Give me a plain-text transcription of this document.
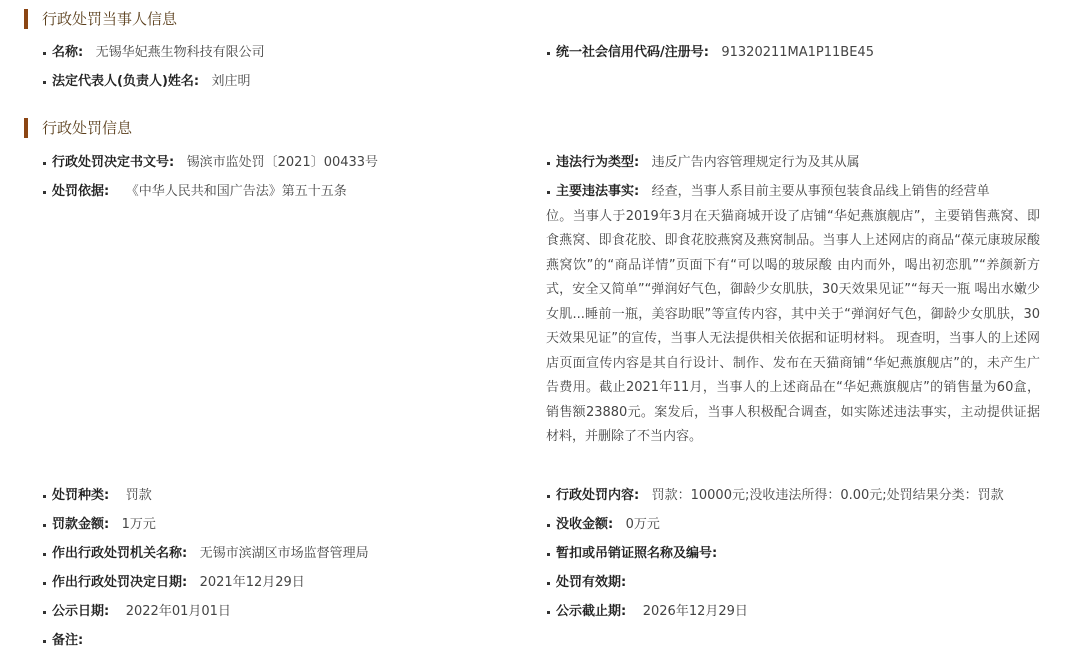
行政处罚当事人信息
名称: 无锡华妃燕生物科技有限公司	统一社会信用代码/注册号: 91320211MA1P11BE45
法定代表人(负责人)姓名: 刘庄明
行政处罚信息
行政处罚决定书文号: 锡滨市监处罚〔2021〕00433号	违法行为类型: 违反广告内容管理规定行为及其从属
处罚依据: 《中华人民共和国广告法》第五十五条	主要违法事实: 经查，当事人系目前主要从事预包装食品线上销售的经营单
位。当事人于2019年3月在天猫商城开设了店铺“华妃燕旗舰店”，主要销售燕窝、即食燕窝、即食花胶、即食花胶燕窝及燕窝制品。当事人上述网店的商品“葆元康玻尿酸燕窝饮”的“商品详情”页面下有“可以喝的玻尿酸 由内而外，喝出初恋肌”“养颜新方式，安全又简单”“弹润好气色，御龄少女肌肤，30天效果见证”“每天一瓶 喝出水嫩少女肌...睡前一瓶，美容助眠”等宣传内容，其中关于“弹润好气色，御龄少女肌肤，30天效果见证”的宣传，当事人无法提供相关依据和证明材料。 现查明，当事人的上述网店页面宣传内容是其自行设计、制作、发布在天猫商铺“华妃燕旗舰店”的，未产生广告费用。截止2021年11月，当事人的上述商品在“华妃燕旗舰店”的销售量为60盒，销售额23880元。案发后，当事人积极配合调查，如实陈述违法事实，主动提供证据材料，并删除了不当内容。
处罚种类: 罚款	行政处罚内容: 罚款：10000元;没收违法所得：0.00元;处罚结果分类：罚款
罚款金额: 1万元	没收金额: 0万元
作出行政处罚机关名称: 无锡市滨湖区市场监督管理局	暂扣或吊销证照名称及编号:
作出行政处罚决定日期: 2021年12月29日	处罚有效期:
公示日期: 2022年01月01日	公示截止期: 2026年12月29日
备注:
